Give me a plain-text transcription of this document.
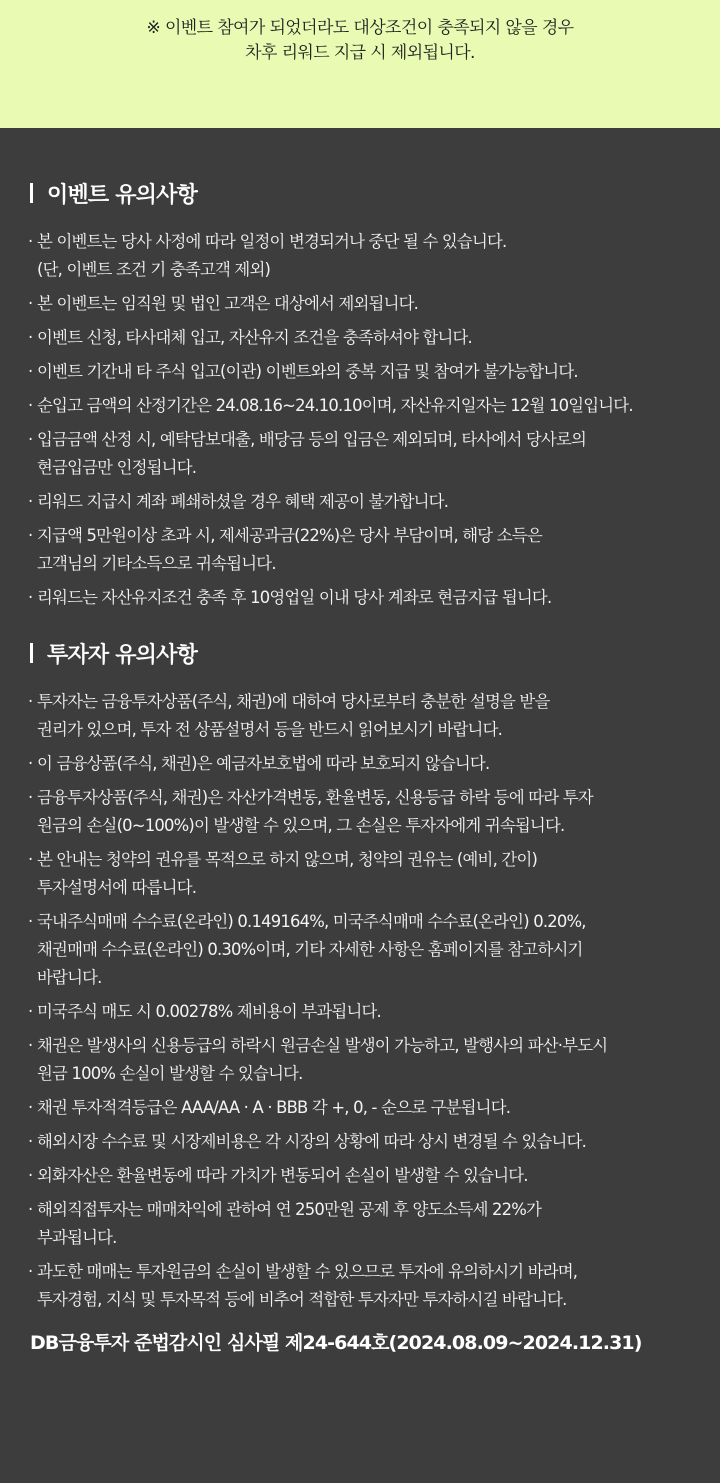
※ 이벤트 참여가 되었더라도 대상조건이 충족되지 않을 경우

차후 리워드 지급 시 제외됩니다.

이벤트 유의사항
· 본 이벤트는 당사 사정에 따라 일정이 변경되거나 중단 될 수 있습니다.
(단, 이벤트 조건 기 충족고객 제외)
· 본 이벤트는 임직원 및 법인 고객은 대상에서 제외됩니다.
· 이벤트 신청, 타사대체 입고, 자산유지 조건을 충족하셔야 합니다.
· 이벤트 기간내 타 주식 입고(이관) 이벤트와의 중복 지급 및 참여가 불가능합니다.
· 순입고 금액의 산정기간은 24.08.16~24.10.10이며, 자산유지일자는 12월 10일입니다.
· 입금금액 산정 시, 예탁담보대출, 배당금 등의 입금은 제외되며, 타사에서 당사로의
현금입금만 인정됩니다.
· 리워드 지급시 계좌 폐쇄하셨을 경우 혜택 제공이 불가합니다.
· 지급액 5만원이상 초과 시, 제세공과금(22%)은 당사 부담이며, 해당 소득은
고객님의 기타소득으로 귀속됩니다.
· 리워드는 자산유지조건 충족 후 10영업일 이내 당사 계좌로 현금지급 됩니다.
투자자 유의사항
· 투자자는 금융투자상품(주식, 채권)에 대하여 당사로부터 충분한 설명을 받을
권리가 있으며, 투자 전 상품설명서 등을 반드시 읽어보시기 바랍니다.
· 이 금융상품(주식, 채권)은 예금자보호법에 따라 보호되지 않습니다.
· 금융투자상품(주식, 채권)은 자산가격변동, 환율변동, 신용등급 하락 등에 따라 투자
원금의 손실(0~100%)이 발생할 수 있으며, 그 손실은 투자자에게 귀속됩니다.
· 본 안내는 청약의 권유를 목적으로 하지 않으며, 청약의 권유는 (예비, 간이)
투자설명서에 따릅니다.
· 국내주식매매 수수료(온라인) 0.149164%, 미국주식매매 수수료(온라인) 0.20%,
채권매매 수수료(온라인) 0.30%이며, 기타 자세한 사항은 홈페이지를 참고하시기
바랍니다.
· 미국주식 매도 시 0.00278% 제비용이 부과됩니다.
· 채권은 발생사의 신용등급의 하락시 원금손실 발생이 가능하고, 발행사의 파산·부도시
원금 100% 손실이 발생할 수 있습니다.
· 채권 투자적격등급은 AAA/AA · A · BBB 각 +, 0, - 순으로 구분됩니다.
· 해외시장 수수료 및 시장제비용은 각 시장의 상황에 따라 상시 변경될 수 있습니다.
· 외화자산은 환율변동에 따라 가치가 변동되어 손실이 발생할 수 있습니다.
· 해외직접투자는 매매차익에 관하여 연 250만원 공제 후 양도소득세 22%가
부과됩니다.
· 과도한 매매는 투자원금의 손실이 발생할 수 있으므로 투자에 유의하시기 바라며,
투자경험, 지식 및 투자목적 등에 비추어 적합한 투자자만 투자하시길 바랍니다.
DB금융투자 준법감시인 심사필 제24-644호(2024.08.09~2024.12.31)
